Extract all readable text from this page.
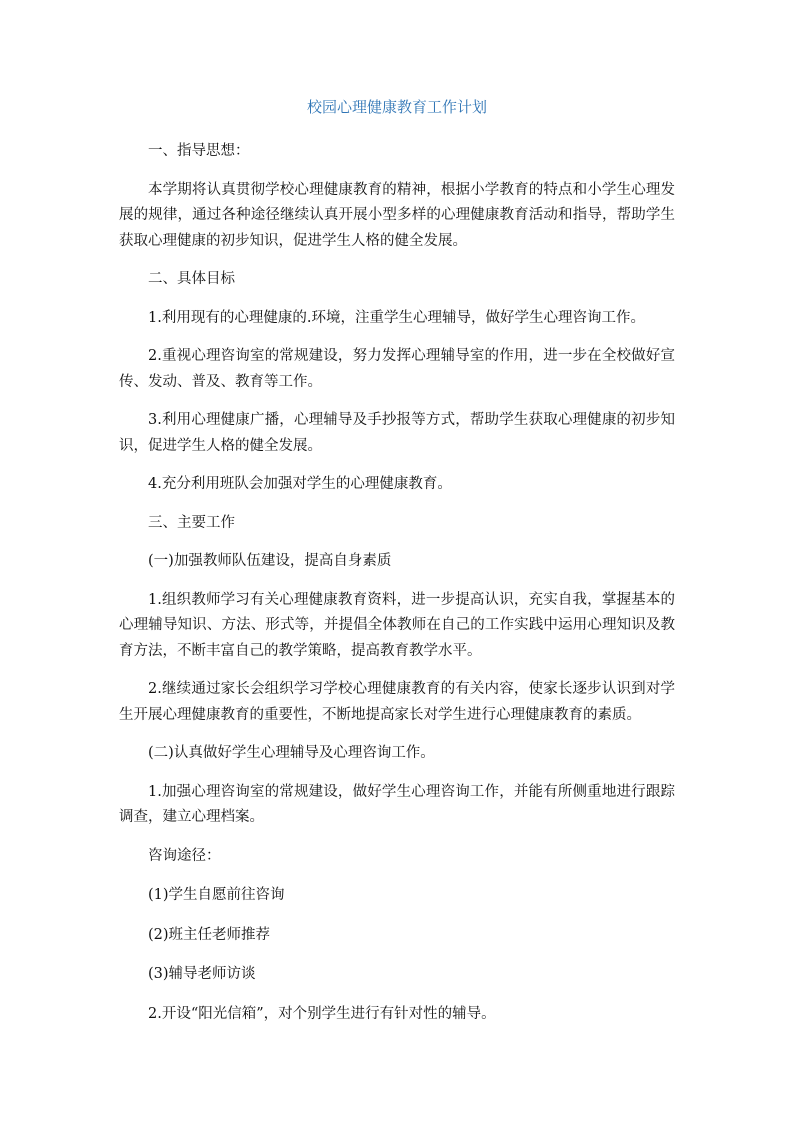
校园心理健康教育工作计划

一、指导思想：

本学期将认真贯彻学校心理健康教育的精神，根据小学教育的特点和小学生心理发展的规律，通过各种途径继续认真开展小型多样的心理健康教育活动和指导，帮助学生获取心理健康的初步知识，促进学生人格的健全发展。

二、具体目标

1.利用现有的心理健康的.环境，注重学生心理辅导，做好学生心理咨询工作。

2.重视心理咨询室的常规建设，努力发挥心理辅导室的作用，进一步在全校做好宣传、发动、普及、教育等工作。

3.利用心理健康广播，心理辅导及手抄报等方式，帮助学生获取心理健康的初步知识，促进学生人格的健全发展。

4.充分利用班队会加强对学生的心理健康教育。

三、主要工作

(一)加强教师队伍建设，提高自身素质

1.组织教师学习有关心理健康教育资料，进一步提高认识，充实自我，掌握基本的心理辅导知识、方法、形式等，并提倡全体教师在自己的工作实践中运用心理知识及教育方法，不断丰富自己的教学策略，提高教育教学水平。

2.继续通过家长会组织学习学校心理健康教育的有关内容，使家长逐步认识到对学生开展心理健康教育的重要性，不断地提高家长对学生进行心理健康教育的素质。

(二)认真做好学生心理辅导及心理咨询工作。

1.加强心理咨询室的常规建设，做好学生心理咨询工作，并能有所侧重地进行跟踪调查，建立心理档案。

咨询途径：

(1)学生自愿前往咨询

(2)班主任老师推荐

(3)辅导老师访谈

2.开设“阳光信箱”，对个别学生进行有针对性的辅导。
